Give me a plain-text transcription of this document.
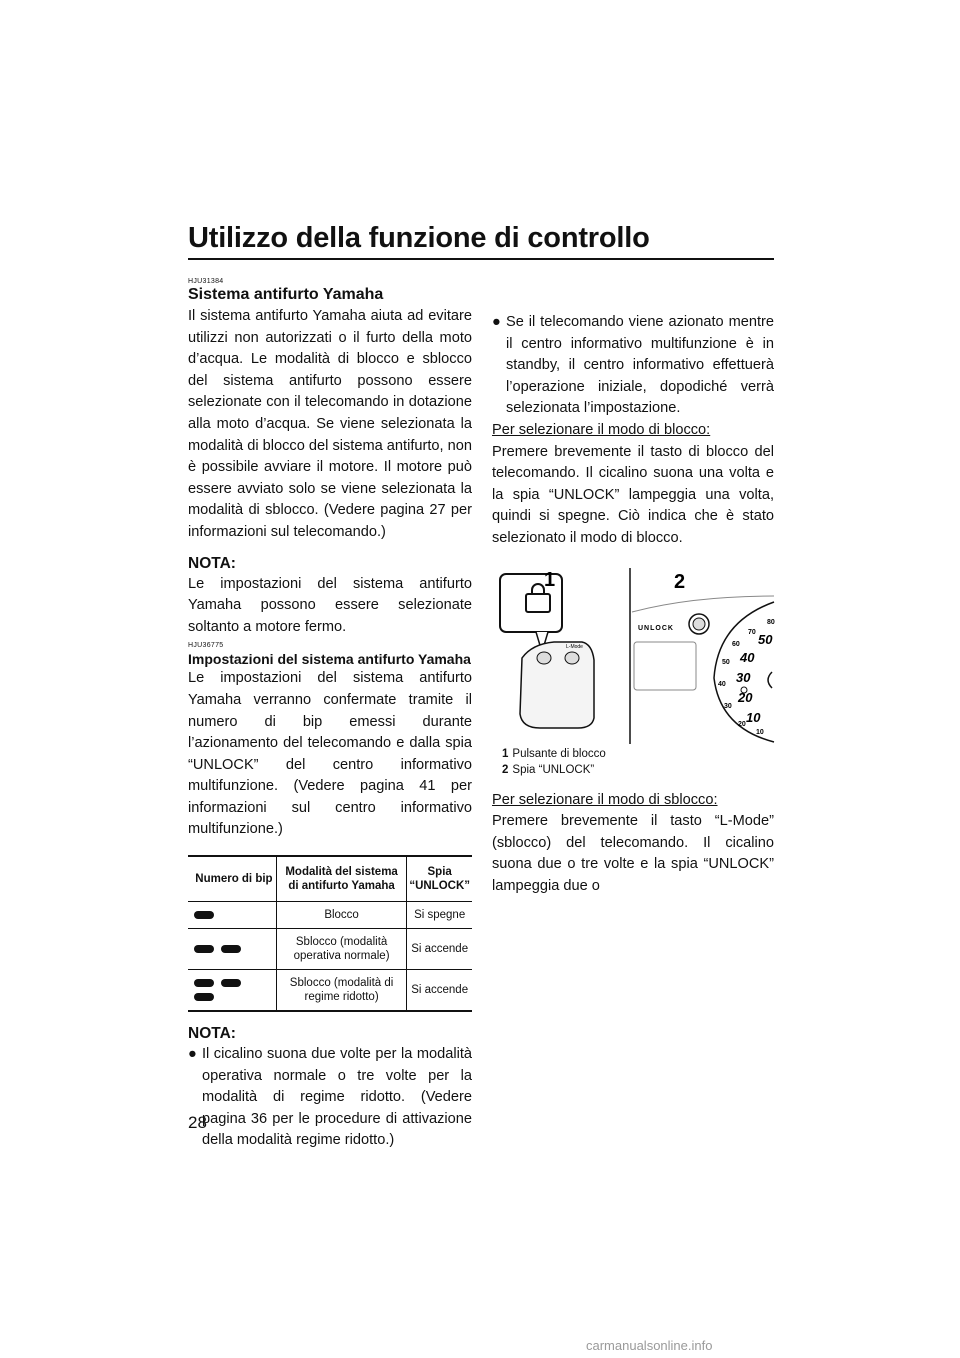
Utilizzo della funzione di controllo
HJU31384
Sistema antifurto Yamaha

Il sistema antifurto Yamaha aiuta ad evitare utilizzi non autorizzati o il furto della moto d’acqua. Le modalità di blocco e sblocco del sistema antifurto possono essere selezionate con il telecomando in dotazione alla moto d’acqua. Se viene selezionata la modalità di blocco del sistema antifurto, non è possibile avviare il motore. Il motore può essere avviato solo se viene selezionata la modalità di sblocco. (Vedere pagina 27 per informazioni sul telecomando.)

NOTA:

Le impostazioni del sistema antifurto Yamaha possono essere selezionate soltanto a motore fermo.

HJU36775
Impostazioni del sistema antifurto Yamaha

Le impostazioni del sistema antifurto Yamaha verranno confermate tramite il numero di bip emessi durante l’azionamento del telecomando e dalla spia “UNLOCK” del centro informativo multifunzione. (Vedere pagina 41 per informazioni sul centro informativo multifunzione.)

Numero di bip	Modalità del sistema di antifurto Yamaha	Spia “UNLOCK”
	Blocco	Si spegne
	Sblocco (modalità operativa normale)	Si accende
	Sblocco (modalità di regime ridotto)	Si accende

NOTA:

● Il cicalino suona due volte per la modalità operativa normale o tre volte per la modalità di regime ridotto. (Vedere pagina 36 per le procedure di attivazione della modalità regime ridotto.)
● Se il telecomando viene azionato mentre il centro informativo multifunzione è in standby, il centro informativo effettuerà l’operazione iniziale, dopodiché verrà selezionata l’impostazione.

Per selezionare il modo di blocco:

Premere brevemente il tasto di blocco del telecomando. Il cicalino suona una volta e la spia “UNLOCK” lampeggia una volta, quindi si spegne. Ciò indica che è stato selezionato il modo di blocco.

1
L-Mode
2
UNLOCK
80
70
60
50
40
30
20
10
50
40
30
20
10

1 Pulsante di blocco

2 Spia “UNLOCK”

Per selezionare il modo di sblocco:

Premere brevemente il tasto “L-Mode” (sblocco) del telecomando. Il cicalino suona due o tre volte e la spia “UNLOCK” lampeggia due o

28
carmanualsonline.info
